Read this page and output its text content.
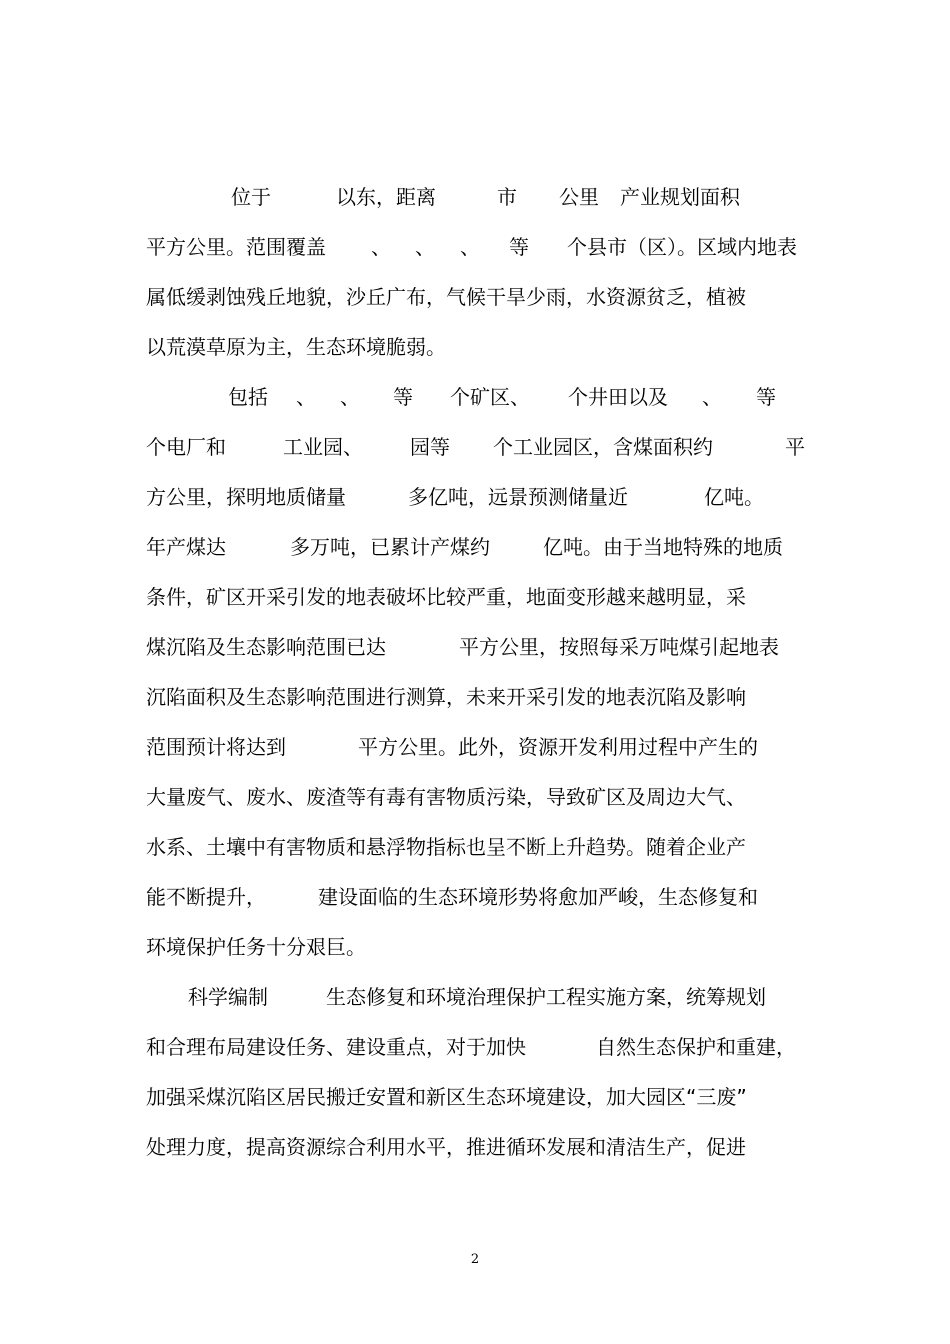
位于

	以东，距离

	市

公里

产业规划面积

平方公里。范围覆盖

、

、

、

等

个县市（区）。区域内地表

属低缓剥蚀残丘地貌，沙丘广布，气候干旱少雨，水资源贫乏，植被

以荒漠草原为主，生态环境脆弱。

包括

、

、

等

个矿区、

个井田以及

、

等

个电厂和

	工业园、

园等

个工业园区，含煤面积约

	平

方公里，探明地质储量

	多亿吨，远景预测储量近

	亿吨。

年产煤达

	多万吨，已累计产煤约

	亿吨。由于当地特殊的地质

条件，矿区开采引发的地表破坏比较严重，地面变形越来越明显，采

煤沉陷及生态影响范围已达

	平方公里，按照每采万吨煤引起地表

沉陷面积及生态影响范围进行测算，未来开采引发的地表沉陷及影响

范围预计将达到

	平方公里。此外，资源开发利用过程中产生的

大量废气、废水、废渣等有毒有害物质污染，导致矿区及周边大气、

水系、土壤中有害物质和悬浮物指标也呈不断上升趋势。随着企业产

能不断提升，

	建设面临的生态环境形势将愈加严峻，生态修复和

环境保护任务十分艰巨。

科学编制

	生态修复和环境治理保护工程实施方案，统筹规划

和合理布局建设任务、建设重点，对于加快

	自然生态保护和重建，

加强采煤沉陷区居民搬迁安置和新区生态环境建设，加大园区“三废”

处理力度，提高资源综合利用水平，推进循环发展和清洁生产，促进

2
